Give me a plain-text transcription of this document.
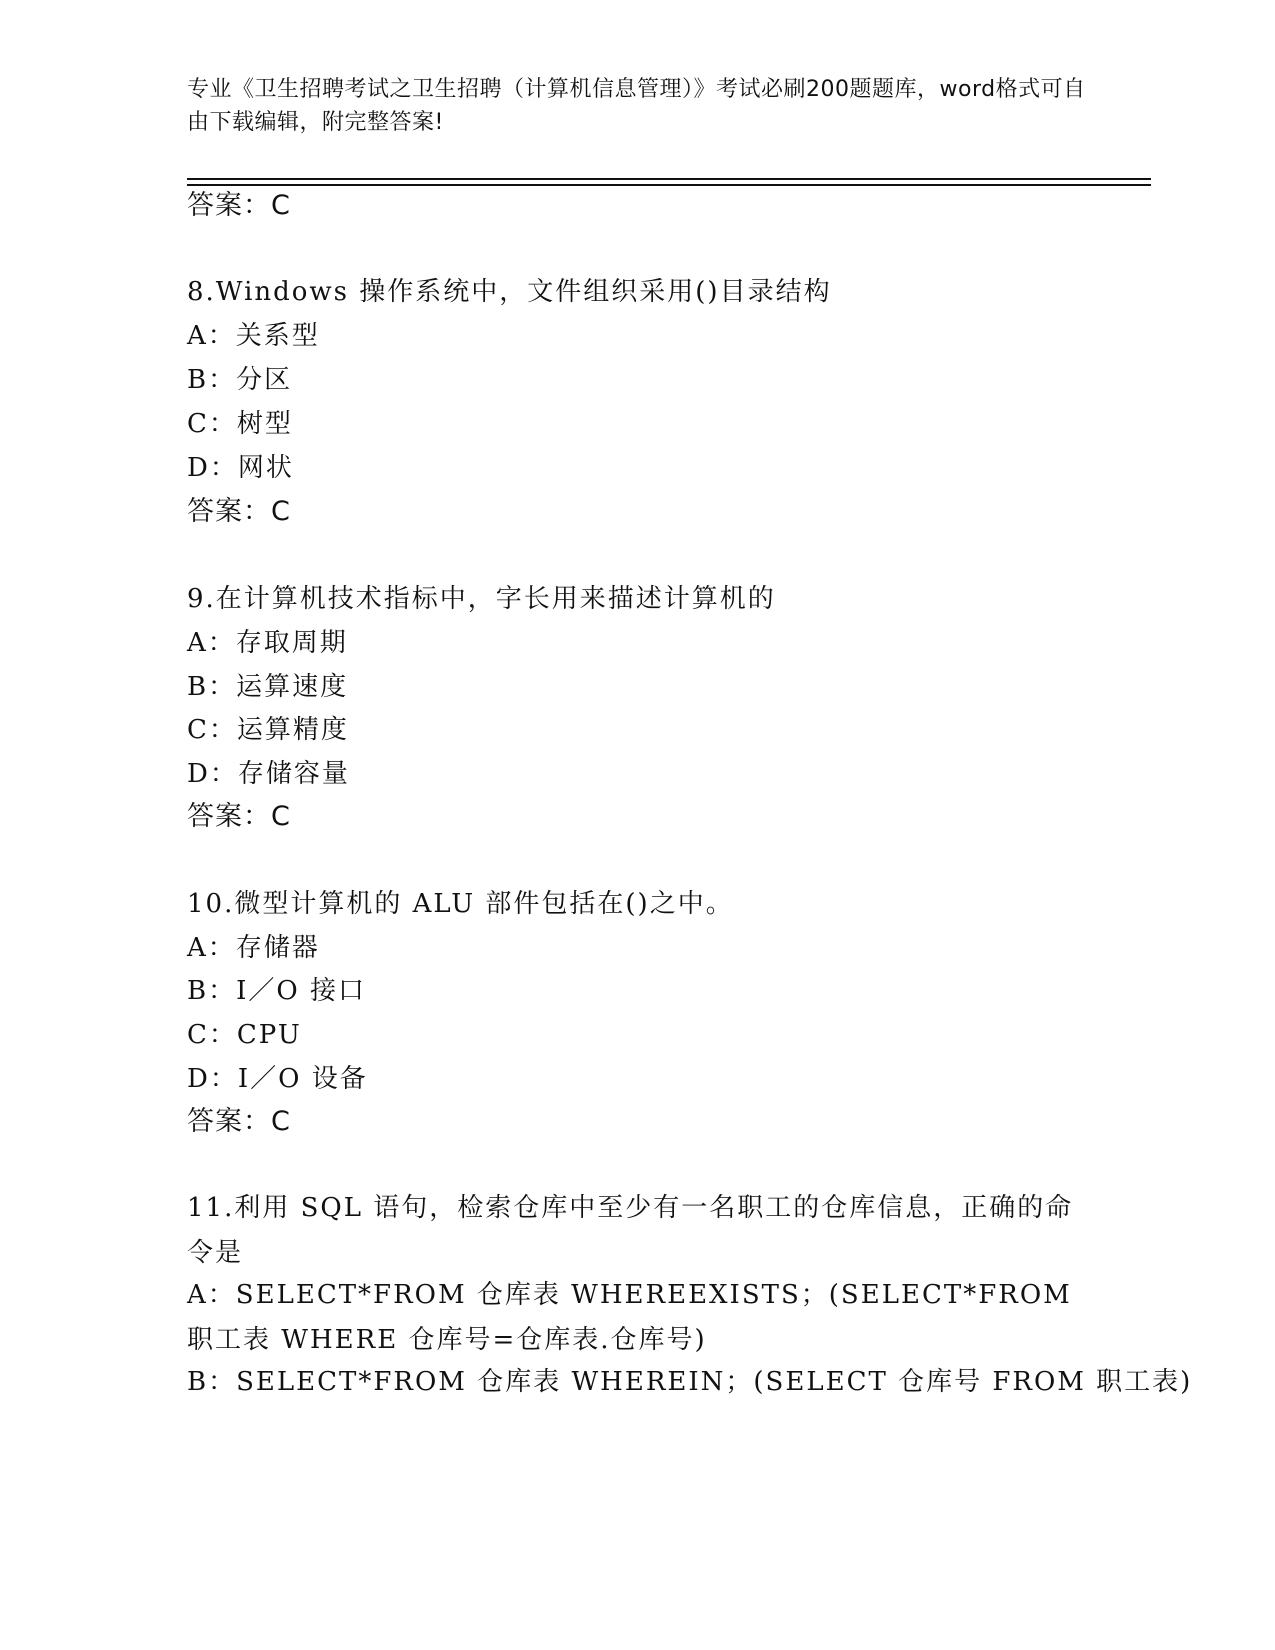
专业《卫生招聘考试之卫生招聘（计算机信息管理）》考试必刷200题题库，word格式可自由下载编辑，附完整答案!

答案：C

8.Windows 操作系统中，文件组织采用()目录结构

A：关系型

B：分区

C：树型

D：网状

答案：C

9.在计算机技术指标中，字长用来描述计算机的

A：存取周期

B：运算速度

C：运算精度

D：存储容量

答案：C

10.微型计算机的 ALU 部件包括在()之中。

A：存储器

B：I／O 接口

C：CPU

D：I／O 设备

答案：C

11.利用 SQL 语句，检索仓库中至少有一名职工的仓库信息，正确的命令是

A：SELECT*FROM 仓库表 WHEREEXISTS；(SELECT*FROM 职工表 WHERE 仓库号=仓库表.仓库号)

B：SELECT*FROM 仓库表 WHEREIN；(SELECT 仓库号 FROM 职工表)
